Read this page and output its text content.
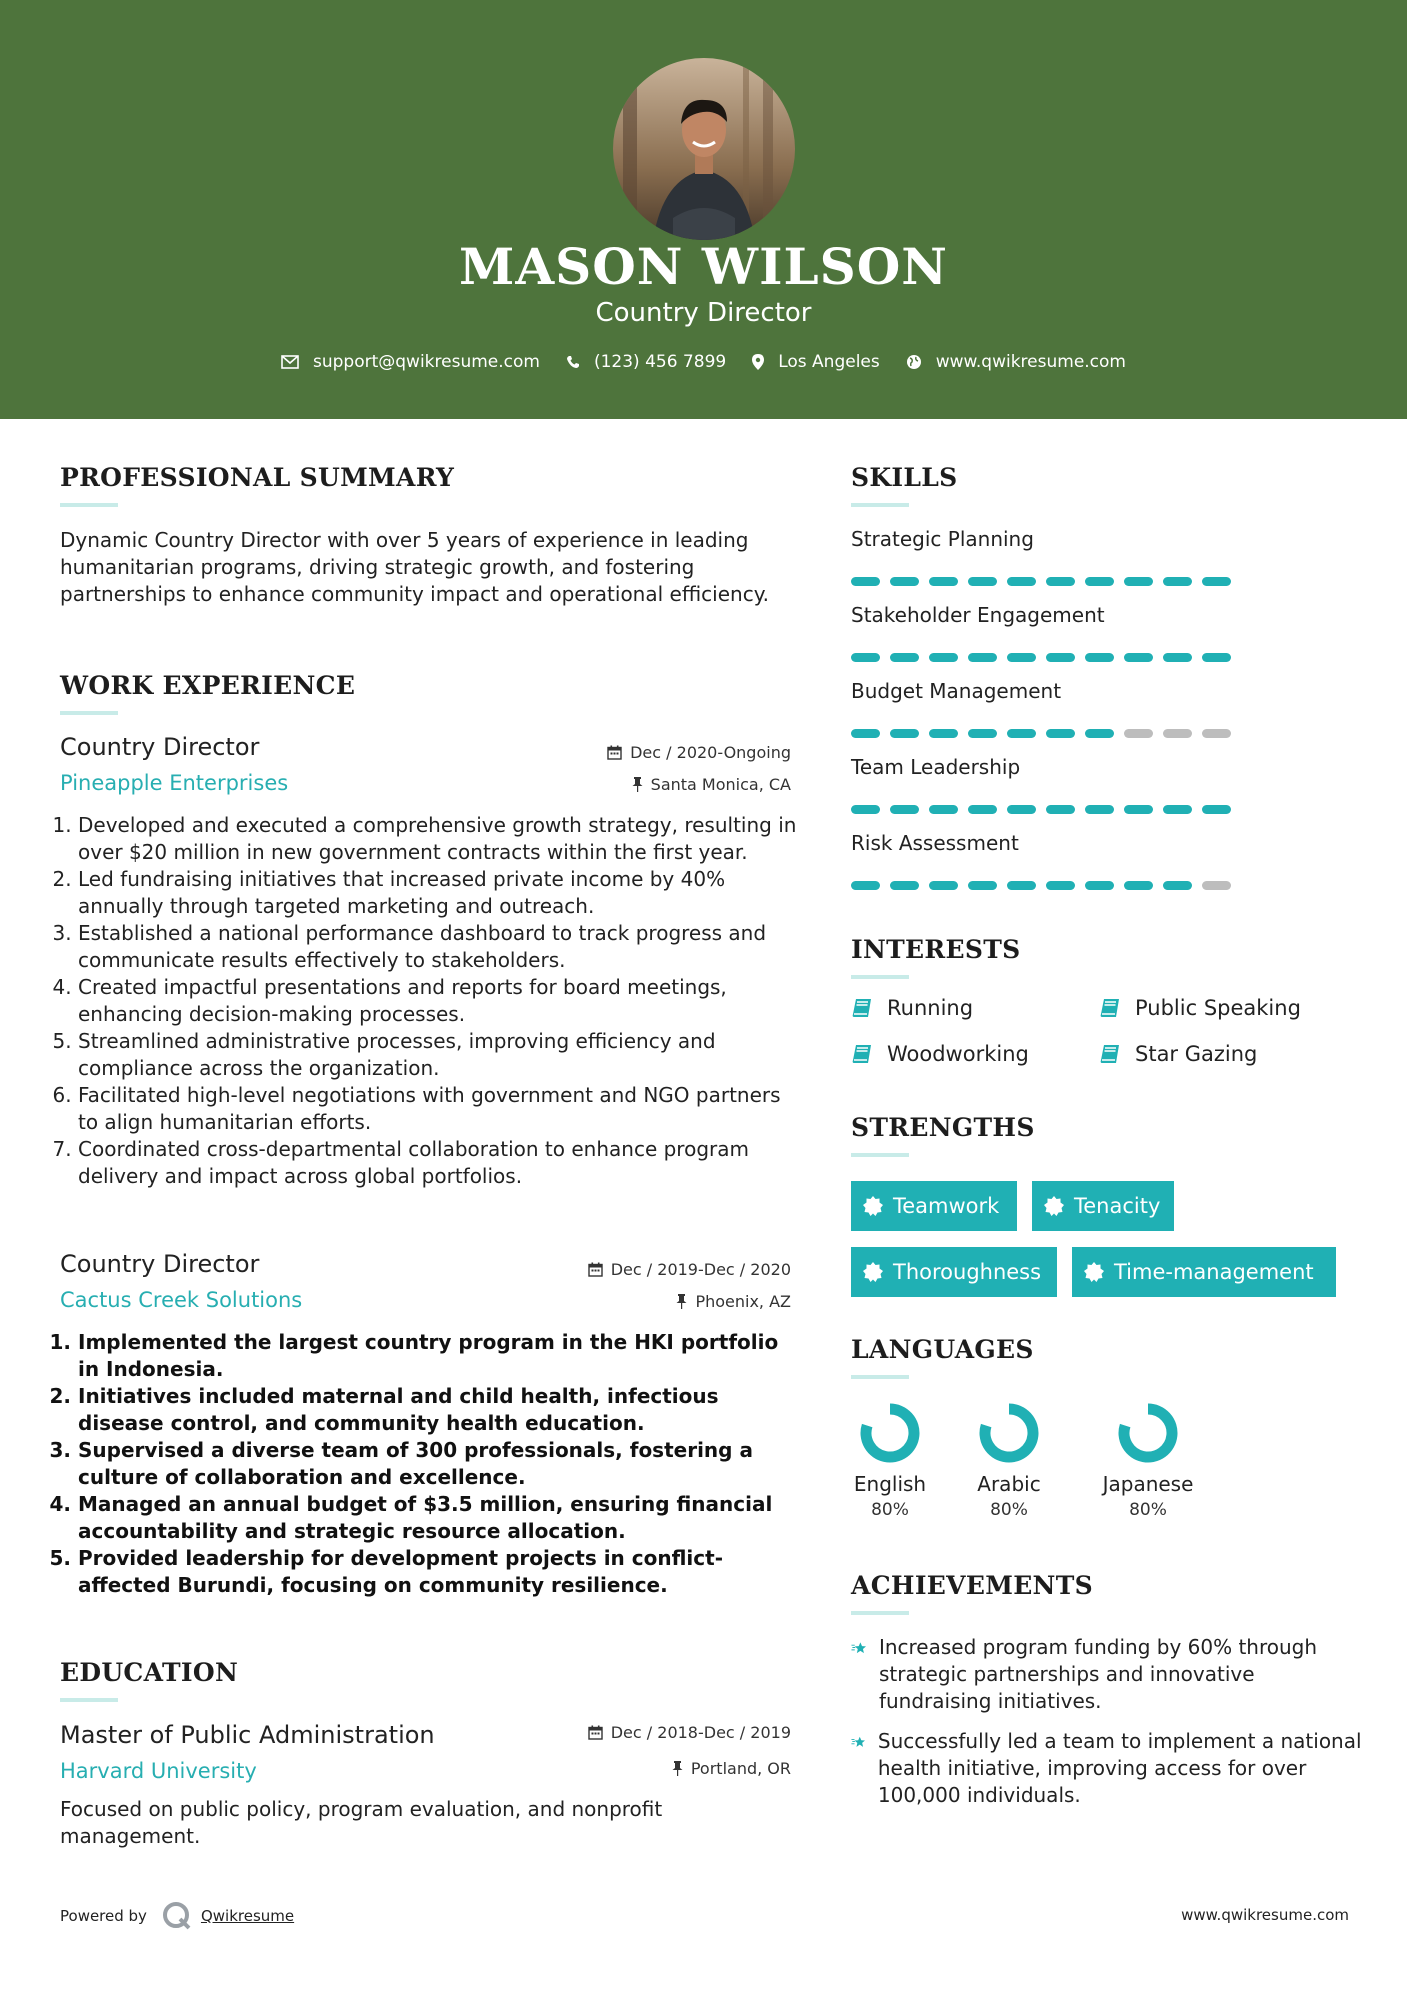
MASON WILSON
Country Director
support@qwikresume.com	(123) 456 7899	Los Angeles	www.qwikresume.com
PROFESSIONAL SUMMARY
Dynamic Country Director with over 5 years of experience in leading humanitarian programs, driving strategic growth, and fostering partnerships to enhance community impact and operational efficiency.
WORK EXPERIENCE
Country Director
Pineapple Enterprises
Dec / 2020-Ongoing
Santa Monica, CA
1. Developed and executed a comprehensive growth strategy, resulting in over $20 million in new government contracts within the first year.
2. Led fundraising initiatives that increased private income by 40% annually through targeted marketing and outreach.
3. Established a national performance dashboard to track progress and communicate results effectively to stakeholders.
4. Created impactful presentations and reports for board meetings, enhancing decision-making processes.
5. Streamlined administrative processes, improving efficiency and compliance across the organization.
6. Facilitated high-level negotiations with government and NGO partners to align humanitarian efforts.
7. Coordinated cross-departmental collaboration to enhance program delivery and impact across global portfolios.
Country Director
Cactus Creek Solutions
Dec / 2019-Dec / 2020
Phoenix, AZ
1. Implemented the largest country program in the HKI portfolio in Indonesia.
2. Initiatives included maternal and child health, infectious disease control, and community health education.
3. Supervised a diverse team of 300 professionals, fostering a culture of collaboration and excellence.
4. Managed an annual budget of $3.5 million, ensuring financial accountability and strategic resource allocation.
5. Provided leadership for development projects in conflict-affected Burundi, focusing on community resilience.
EDUCATION
Master of Public Administration
Harvard University
Dec / 2018-Dec / 2019
Portland, OR
Focused on public policy, program evaluation, and nonprofit management.
SKILLS
Strategic Planning
Stakeholder Engagement
Budget Management
Team Leadership
Risk Assessment
INTERESTS
Running	Public Speaking
Woodworking	Star Gazing
STRENGTHS
Teamwork	Tenacity
Thoroughness	Time-management
LANGUAGES
English
80%
Arabic
80%
Japanese
80%
ACHIEVEMENTS
Increased program funding by 60% through strategic partnerships and innovative fundraising initiatives.
Successfully led a team to implement a national health initiative, improving access for over 100,000 individuals.
Powered by	Qwikresume	www.qwikresume.com
